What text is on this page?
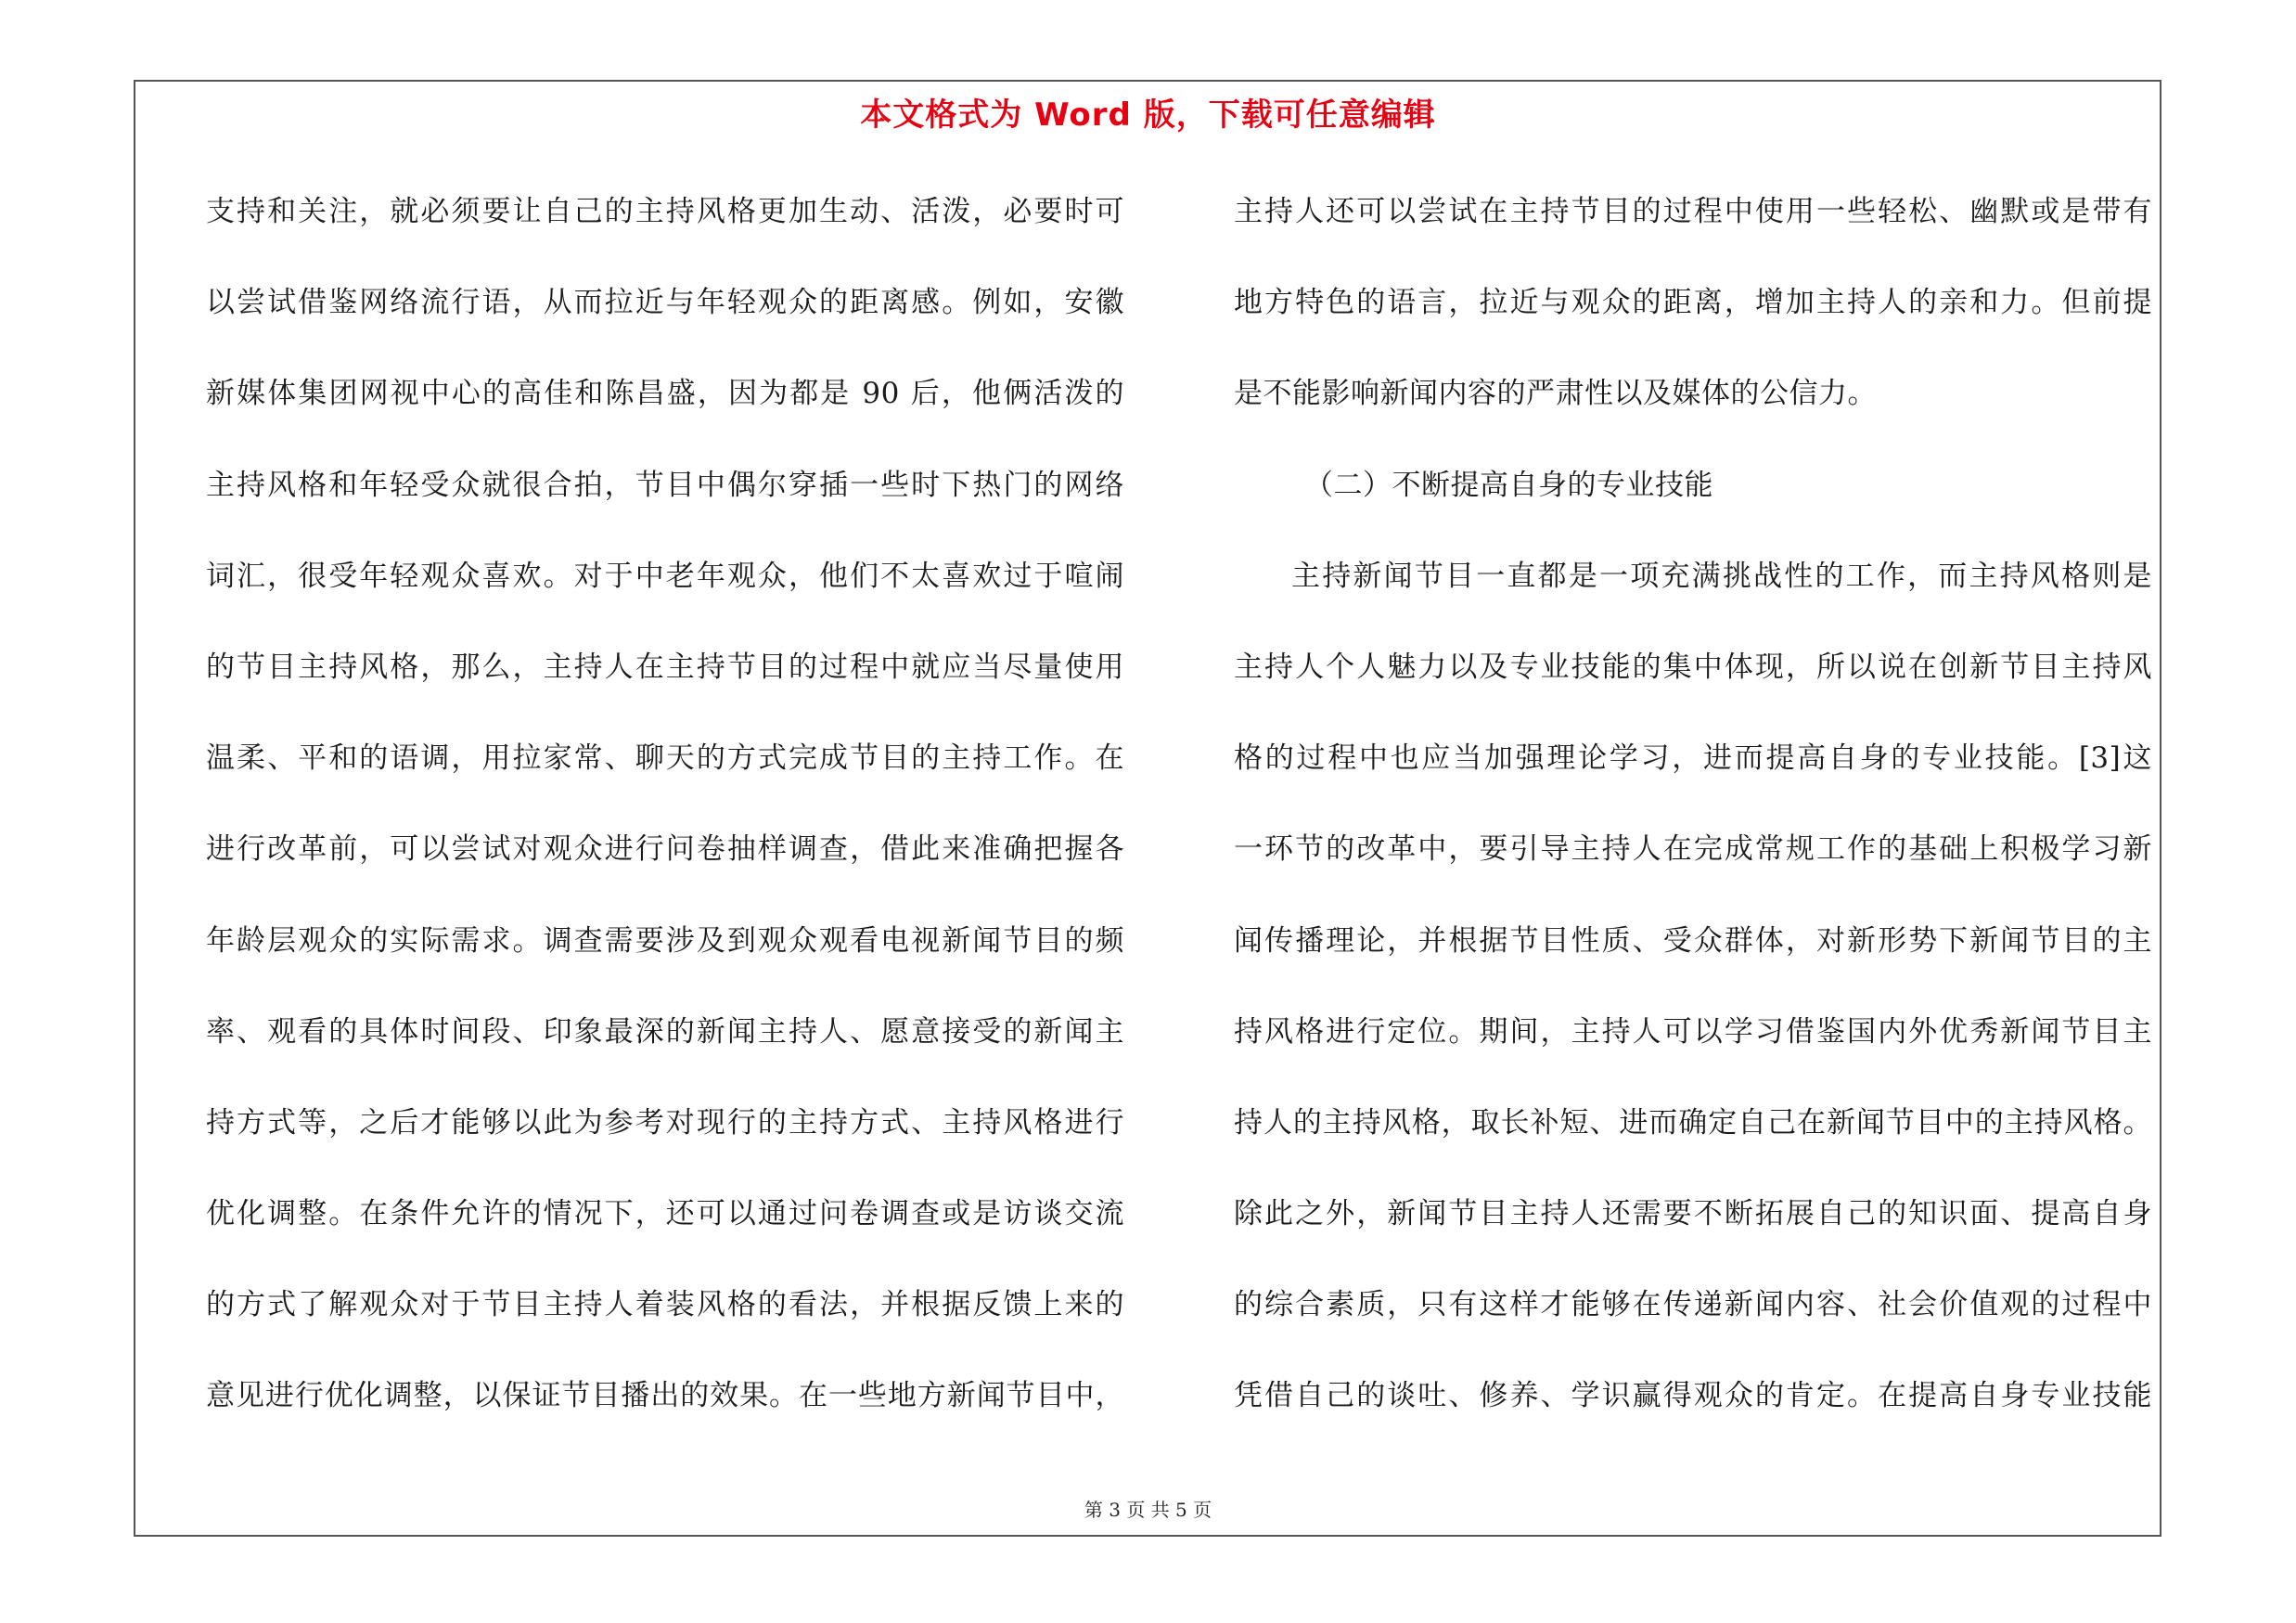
本文格式为 Word 版，下载可任意编辑
支持和关注，就必须要让自己的主持风格更加生动、活泼，必要时可
以尝试借鉴网络流行语，从而拉近与年轻观众的距离感。例如，安徽
新媒体集团网视中心的高佳和陈昌盛，因为都是 90 后，他俩活泼的
主持风格和年轻受众就很合拍，节目中偶尔穿插一些时下热门的网络
词汇，很受年轻观众喜欢。对于中老年观众，他们不太喜欢过于喧闹
的节目主持风格，那么，主持人在主持节目的过程中就应当尽量使用
温柔、平和的语调，用拉家常、聊天的方式完成节目的主持工作。在
进行改革前，可以尝试对观众进行问卷抽样调查，借此来准确把握各
年龄层观众的实际需求。调查需要涉及到观众观看电视新闻节目的频
率、观看的具体时间段、印象最深的新闻主持人、愿意接受的新闻主
持方式等，之后才能够以此为参考对现行的主持方式、主持风格进行
优化调整。在条件允许的情况下，还可以通过问卷调查或是访谈交流
的方式了解观众对于节目主持人着装风格的看法，并根据反馈上来的
意见进行优化调整，以保证节目播出的效果。在一些地方新闻节目中，
主持人还可以尝试在主持节目的过程中使用一些轻松、幽默或是带有
地方特色的语言，拉近与观众的距离，增加主持人的亲和力。但前提
是不能影响新闻内容的严肃性以及媒体的公信力。
（二）不断提高自身的专业技能
主持新闻节目一直都是一项充满挑战性的工作，而主持风格则是
主持人个人魅力以及专业技能的集中体现，所以说在创新节目主持风
格的过程中也应当加强理论学习，进而提高自身的专业技能。[3]这
一环节的改革中，要引导主持人在完成常规工作的基础上积极学习新
闻传播理论，并根据节目性质、受众群体，对新形势下新闻节目的主
持风格进行定位。期间，主持人可以学习借鉴国内外优秀新闻节目主
持人的主持风格，取长补短、进而确定自己在新闻节目中的主持风格。
除此之外，新闻节目主持人还需要不断拓展自己的知识面、提高自身
的综合素质，只有这样才能够在传递新闻内容、社会价值观的过程中
凭借自己的谈吐、修养、学识赢得观众的肯定。在提高自身专业技能
第 3 页 共 5 页
